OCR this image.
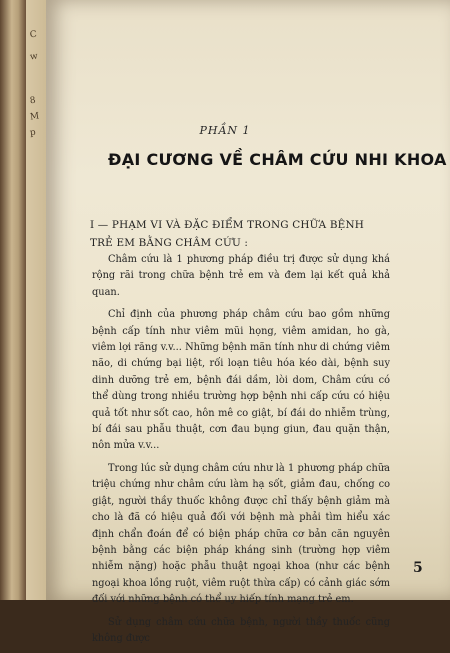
C
w
8
M
p	PHẦN 1
ĐẠI CƯƠNG VỀ CHÂM CỨU NHI KHOA
I — PHẠM VI VÀ ĐẶC ĐIỂM TRONG CHỮA BỆNH TRẺ EM BẰNG CHÂM CỨU :

Châm cứu là 1 phương pháp điều trị được sử dụng khá rộng rãi trong chữa bệnh trẻ em và đem lại kết quả khả quan.

Chỉ định của phương pháp châm cứu bao gồm những bệnh cấp tính như viêm mũi họng, viêm amidan, ho gà, viêm lợi răng v.v... Những bệnh mãn tính như di chứng viêm não, di chứng bại liệt, rối loạn tiêu hóa kéo dài, bệnh suy dinh dưỡng trẻ em, bệnh đái dầm, lòi dom, Châm cứu có thể dùng trong nhiều trường hợp bệnh nhi cấp cứu có hiệu quả tốt như sốt cao, hôn mê co giật, bí đái do nhiễm trùng, bí đái sau phẫu thuật, cơn đau bụng giun, đau quặn thận, nôn mửa v.v...

Trong lúc sử dụng châm cứu như là 1 phương pháp chữa triệu chứng như châm cứu làm hạ sốt, giảm đau, chống co giật, người thầy thuốc không được chỉ thấy bệnh giảm mà cho là đã có hiệu quả đối với bệnh mà phải tìm hiểu xác định chẩn đoán để có biện pháp chữa cơ bản căn nguyên bệnh bằng các biện pháp kháng sinh (trường hợp viêm nhiễm nặng) hoặc phẫu thuật ngoại khoa (như các bệnh ngoại khoa lồng ruột, viêm ruột thừa cấp) có cảnh giác sớm đối với những bệnh có thể uy hiếp tính mạng trẻ em.

Sử dụng châm cứu chữa bệnh, người thầy thuốc cũng không được

5
